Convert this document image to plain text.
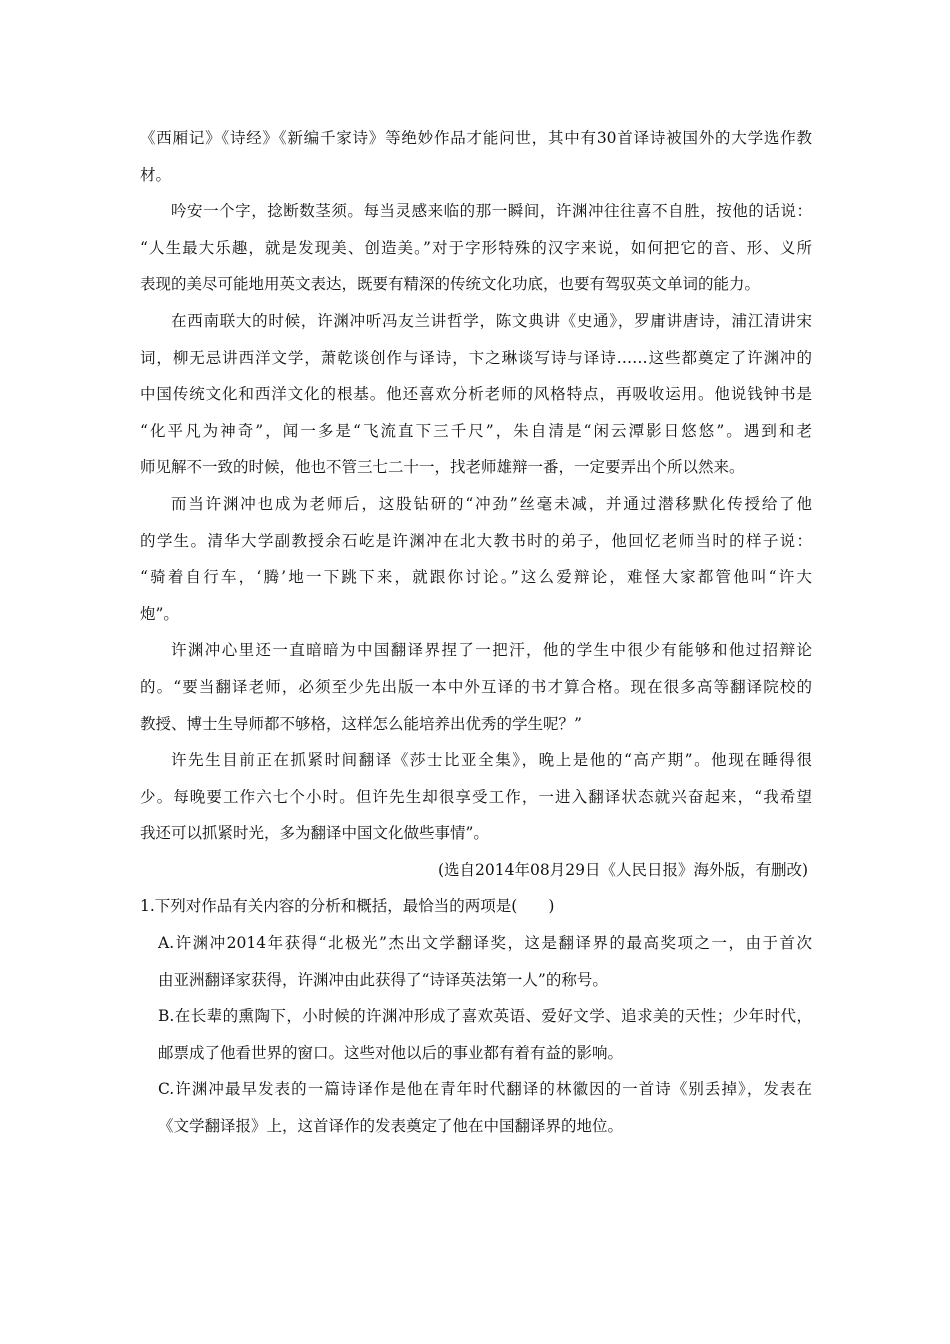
《西厢记》《诗经》《新编千家诗》等绝妙作品才能问世，其中有30首译诗被国外的大学选作教
材。
吟安一个字，捻断数茎须。每当灵感来临的那一瞬间，许渊冲往往喜不自胜，按他的话说：
“人生最大乐趣，就是发现美、创造美。”对于字形特殊的汉字来说，如何把它的音、形、义所
表现的美尽可能地用英文表达，既要有精深的传统文化功底，也要有驾驭英文单词的能力。
在西南联大的时候，许渊冲听冯友兰讲哲学，陈文典讲《史通》，罗庸讲唐诗，浦江清讲宋
词，柳无忌讲西洋文学，萧乾谈创作与译诗，卞之琳谈写诗与译诗……这些都奠定了许渊冲的
中国传统文化和西洋文化的根基。他还喜欢分析老师的风格特点，再吸收运用。他说钱钟书是
“化平凡为神奇”，闻一多是“飞流直下三千尺”，朱自清是“闲云潭影日悠悠”。遇到和老
师见解不一致的时候，他也不管三七二十一，找老师雄辩一番，一定要弄出个所以然来。
而当许渊冲也成为老师后，这股钻研的“冲劲”丝毫未减，并通过潜移默化传授给了他
的学生。清华大学副教授余石屹是许渊冲在北大教书时的弟子，他回忆老师当时的样子说：
“骑着自行车，‘腾’地一下跳下来，就跟你讨论。”这么爱辩论，难怪大家都管他叫“许大
炮”。
许渊冲心里还一直暗暗为中国翻译界捏了一把汗，他的学生中很少有能够和他过招辩论
的。“要当翻译老师，必须至少先出版一本中外互译的书才算合格。现在很多高等翻译院校的
教授、博士生导师都不够格，这样怎么能培养出优秀的学生呢？”
许先生目前正在抓紧时间翻译《莎士比亚全集》，晚上是他的“高产期”。他现在睡得很
少。每晚要工作六七个小时。但许先生却很享受工作，一进入翻译状态就兴奋起来，“我希望
我还可以抓紧时光，多为翻译中国文化做些事情”。
(选自2014年08月29日《人民日报》海外版，有删改)
1.下列对作品有关内容的分析和概括，最恰当的两项是(　　)
A.许渊冲2014年获得“北极光”杰出文学翻译奖，这是翻译界的最高奖项之一，由于首次
由亚洲翻译家获得，许渊冲由此获得了“诗译英法第一人”的称号。
B.在长辈的熏陶下，小时候的许渊冲形成了喜欢英语、爱好文学、追求美的天性；少年时代，
邮票成了他看世界的窗口。这些对他以后的事业都有着有益的影响。
C.许渊冲最早发表的一篇诗译作是他在青年时代翻译的林徽因的一首诗《别丢掉》，发表在
《文学翻译报》上，这首译作的发表奠定了他在中国翻译界的地位。
